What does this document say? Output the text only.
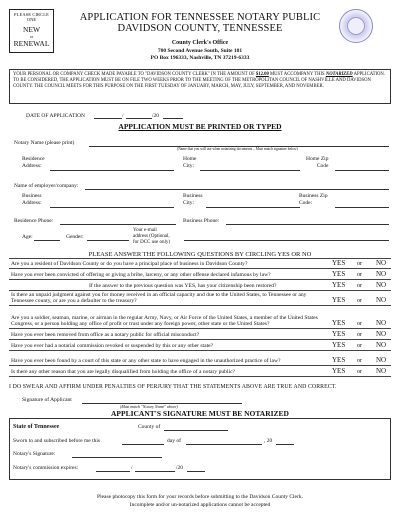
PLEASE CIRCLE ONE
NEW
or
RENEWAL
APPLICATION FOR TENNESSEE NOTARY PUBLIC
DAVIDSON COUNTY, TENNESSEE
County Clerk's Office
700 Second Avenue South, Suite 101
PO Box 196333, Nashville, TN 37219-6333
YOUR PERSONAL OR COMPANY CHECK MADE PAYABLE TO "DAVIDSON COUNTY CLERK" IN THE AMOUNT OF $12.00 MUST ACCOMPANY THIS NOTARIZED APPLICATION. TO BE CONSIDERED, THE APPLICATION MUST BE ON FILE TWO WEEKS PRIOR TO THE MEETING OF THE METROPOLITAN COUNCIL OF NASHVILLE AND DAVIDSON COUNTY. THE COUNCIL MEETS FOR THIS PURPOSE ON THE FIRST TUESDAY OF JANUARY, MARCH, MAY, JULY, SEPTEMBER, AND NOVEMBER.
DATE OF APPLICATION	/	/20
APPLICATION MUST BE PRINTED OR TYPED
Notary Name (please print)
(Name that you will use when notarizing documents – Must match signature below)
Residence
Address:
Home
City:
Home Zip
Code
Name of employer/company:
Business
Address:
Business
City:
Business Zip
Code:
Residence Phone:	Business Phone:
Age:	Gender:
Your e-mail
address (Optional,
for DCC use only)
PLEASE ANSWER THE FOLLOWING QUESTIONS BY CIRCLING YES OR NO
Are you a resident of Davidson County or do you have a principal place of business in Davidson County?	YES or NO
Have you ever been convicted of offering or giving a bribe, larceny, or any other offense declared infamous by law?	YES or NO
If the answer to the previous question was YES, has your citizenship been restored?	YES or NO
Is there an unpaid judgment against you for money received in an official capacity and due to the United States, to Tennessee or any Tennessee county, or are you a defaulter to the treasury?	YES or NO
Are you a soldier, seaman, marine, or airman in the regular Army, Navy, or Air Force of the United States, a member of the United States Congress, or a person holding any office of profit or trust under any foreign power, other state or the United States?	YES or NO
Have you ever been removed from office as a notary public for official misconduct?	YES or NO
Have you ever had a notarial commission revoked or suspended by this or any other state?	YES or NO
Have you ever been found by a court of this state or any other state to have engaged in the unauthorized practice of law?	YES or NO
Is there any other reason that you are legally disqualified from holding the office of a notary public?	YES or NO
I DO SWEAR AND AFFIRM UNDER PENALTIES OF PERJURY THAT THE STATEMENTS ABOVE ARE TRUE AND CORRECT.
Signature of Applicant
(Must match "Notary Name" above)
APPLICANT'S SIGNATURE MUST BE NOTARIZED
State of Tennessee	County of
Sworn to and subscribed before me this	day of	, 20
Notary's Signature:
Notary's commission expires:	/	/20
Please photocopy this form for your records before submitting to the Davidson County Clerk.
Incomplete and/or un-notarized applications cannot be accepted
